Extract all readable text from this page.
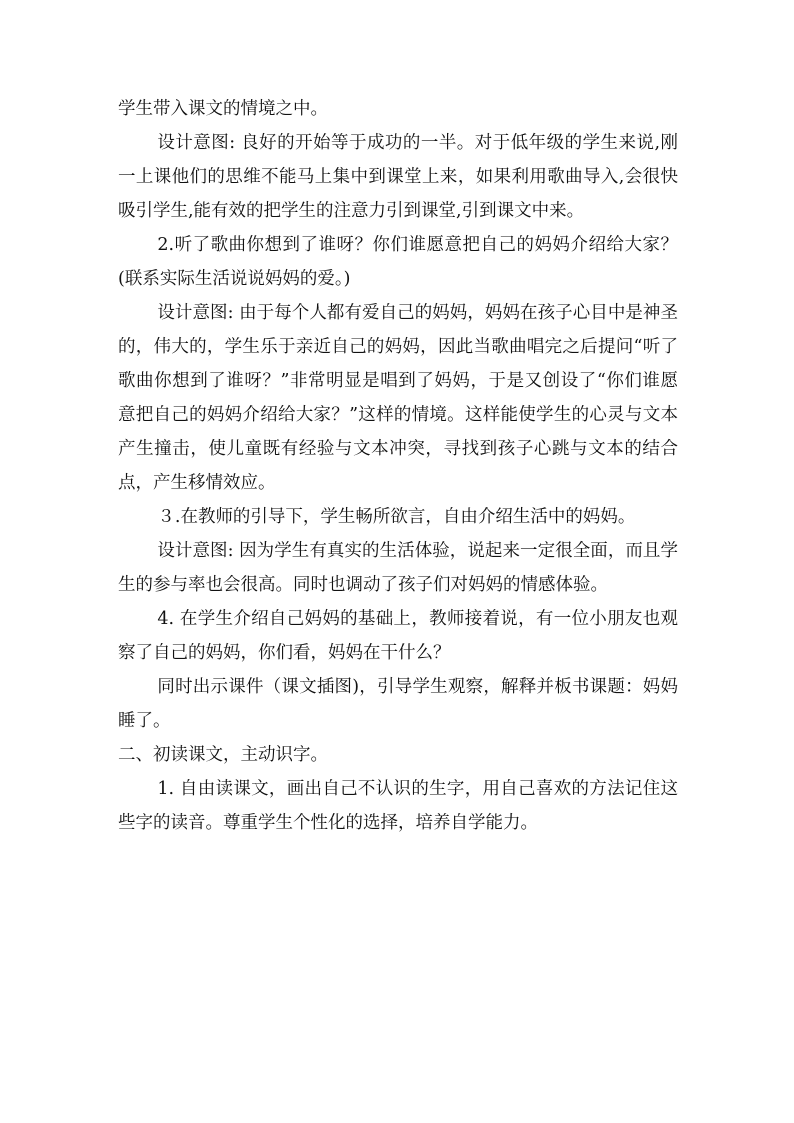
学生带入课文的情境之中。

设计意图: 良好的开始等于成功的一半。对于低年级的学生来说,刚一上课他们的思维不能马上集中到课堂上来，如果利用歌曲导入,会很快吸引学生,能有效的把学生的注意力引到课堂,引到课文中来。

2.听了歌曲你想到了谁呀？你们谁愿意把自己的妈妈介绍给大家？(联系实际生活说说妈妈的爱。)

设计意图: 由于每个人都有爱自己的妈妈，妈妈在孩子心目中是神圣的，伟大的，学生乐于亲近自己的妈妈，因此当歌曲唱完之后提问“听了歌曲你想到了谁呀？”非常明显是唱到了妈妈，于是又创设了“你们谁愿意把自己的妈妈介绍给大家？”这样的情境。这样能使学生的心灵与文本产生撞击，使儿童既有经验与文本冲突，寻找到孩子心跳与文本的结合点，产生移情效应。

３.在教师的引导下，学生畅所欲言，自由介绍生活中的妈妈。

设计意图: 因为学生有真实的生活体验，说起来一定很全面，而且学生的参与率也会很高。同时也调动了孩子们对妈妈的情感体验。

4. 在学生介绍自己妈妈的基础上，教师接着说，有一位小朋友也观察了自己的妈妈，你们看，妈妈在干什么？

同时出示课件（课文插图)，引导学生观察，解释并板书课题：妈妈睡了。

二、初读课文，主动识字。

1. 自由读课文，画出自己不认识的生字，用自己喜欢的方法记住这些字的读音。尊重学生个性化的选择，培养自学能力。
